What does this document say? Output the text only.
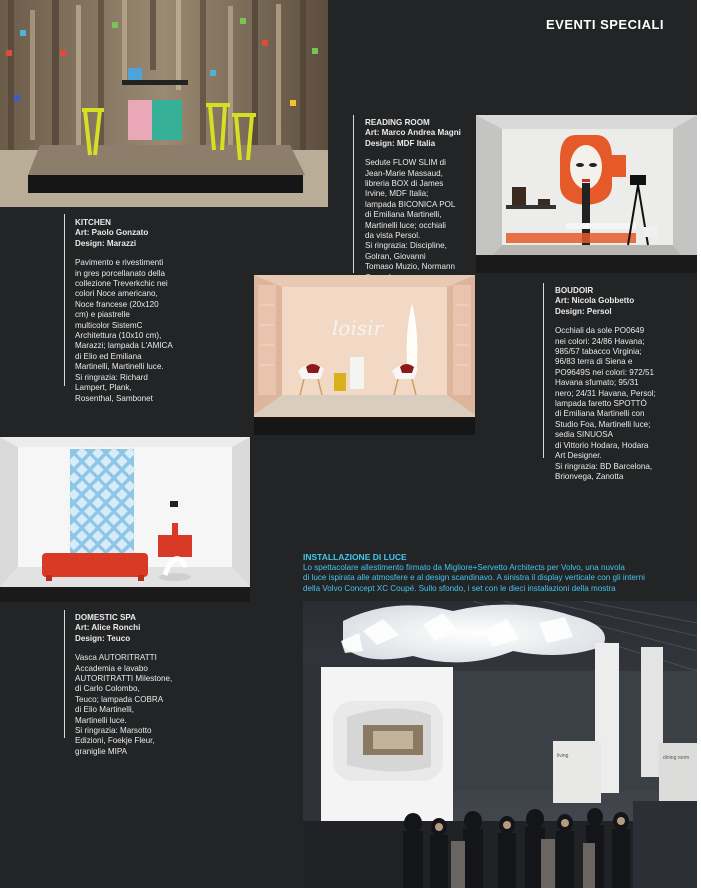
EVENTI SPECIALI
KITCHEN
Art: Paolo Gonzato
Design: Marazzi
Pavimento e rivestimenti
in gres porcellanato della
collezione Treverkchic nei
colori Noce americano,
Noce francese (20x120
cm) e piastrelle
multicolor SistemC
Architettura (10x10 cm),
Marazzi; lampada L'AMICA
di Elio ed Emiliana
Martinelli, Martinelli luce.
Si ringrazia: Richard
Lampert, Plank,
Rosenthal, Sambonet
READING ROOM
Art: Marco Andrea Magni
Design: MDF Italia
Sedute FLOW SLIM di
Jean-Marie Massaud,
libreria BOX di James
Irvine, MDF Italia;
lampada BICONICA POL
di Emiliana Martinelli,
Martinelli luce; occhiali
da vista Persol.
Si ringrazia: Discipline,
Golran, Giovanni
Tomaso Muzio, Normann

BOUDOIR
Art: Nicola Gobbetto
Design: Persol
Occhiali da sole PO0649
nei colori: 24/86 Havana;
985/57 tabacco Virginia;
96/83 terra di Siena e
PO9649S nei colori: 972/51
Havana sfumato; 95/31
nero; 24/31 Havana, Persol;
lampada faretto SPOTTÒ
di Emiliana Martinelli con
Studio Foa, Martinelli luce;
sedia SINUOSA
di Vittorio Hodara, Hodara
Art Designer.
Si ringrazia: BD Barcelona,
Brionvega, Zanotta
loisir
DOMESTIC SPA
Art: Alice Ronchi
Design: Teuco
Vasca AUTORITRATTI
Accademia e lavabo
AUTORITRATTI Milestone,
di Carlo Colombo,
Teuco; lampada COBRA
di Elio Martinelli,
Martinelli luce.
Si ringrazia: Marsotto
Edizioni, Foekje Fleur,
graniglie MIPA
INSTALLAZIONE DI LUCE
Lo spettacolare allestimento firmato da Migliore+Servetto Architects per Volvo, una nuvola
di luce ispirata alle atmosfere e al design scandinavo. A sinistra il display verticale con gli interni
della Volvo Concept XC Coupé. Sullo sfondo, i set con le dieci installazioni della mostra
living	dining room
